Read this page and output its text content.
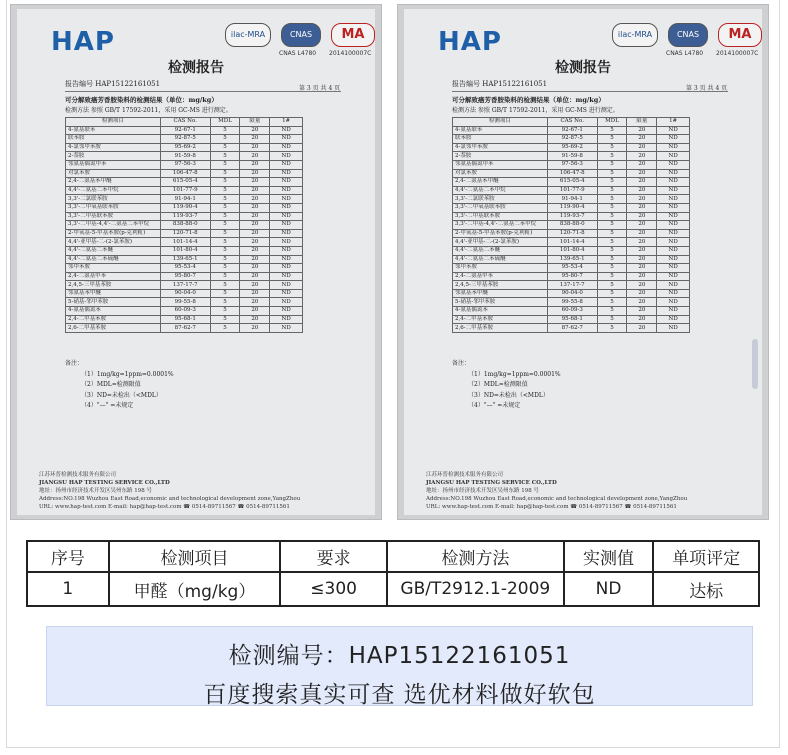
HAP	ilac-MRA	CNAS	MA
CNAS L4780 2014100007C
检测报告
报告编号 HAP15122161051
第 3 页 共 4 页
可分解致癌芳香胺染料的检测结果（单位：mg/kg）
检测方法 参照 GB/T 17592-2011，采用 GC-MS 进行测定。
检测项目	CAS No.	MDL	限量	1#
4-氨基联苯	92-67-1	5	20	ND
联苯胺	92-87-5	5	20	ND
4-氯邻甲苯胺	95-69-2	5	20	ND
2-萘胺	91-59-8	5	20	ND
邻氨基偶氮甲苯	97-56-3	5	20	ND
对氯苯胺	106-47-8	5	20	ND
2,4-二氨基苯甲醚	615-05-4	5	20	ND
4,4'-二氨基二苯甲烷	101-77-9	5	20	ND
3,3'-二氯联苯胺	91-94-1	5	20	ND
3,3'-二甲氧基联苯胺	119-90-4	5	20	ND
3,3'-二甲基联苯胺	119-93-7	5	20	ND
3,3'-二甲基-4,4'-二氨基二苯甲烷	838-88-0	5	20	ND
2-甲氧基-5-甲基苯胺(p-克利酊)	120-71-8	5	20	ND
4,4'-亚甲基-二-(2-氯苯胺)	101-14-4	5	20	ND
4,4'-二氨基二苯醚	101-80-4	5	20	ND
4,4'-二氨基二苯硫醚	139-65-1	5	20	ND
邻甲苯胺	95-53-4	5	20	ND
2,4-二氨基甲苯	95-80-7	5	20	ND
2,4,5-三甲基苯胺	137-17-7	5	20	ND
邻氨基苯甲醚	90-04-0	5	20	ND
5-硝基-邻甲苯胺	99-55-8	5	20	ND
4-氨基偶氮苯	60-09-3	5	20	ND
2,4-二甲基苯胺	95-68-1	5	20	ND
2,6-二甲基苯胺	87-62-7	5	20	ND
备注：
（1）1mg/kg=1ppm=0.0001%
（2）MDL=检测限值
（3）ND=未检出（<MDL）
（4）"—" =未规定
江苏环普检测技术服务有限公司
JIANGSU HAP TESTING SERVICE CO.,LTD
地址：扬州市经济技术开发区吴州东路 198 号
Address:NO.198 Wuzhou East Road,economic and technological development zone,YangZhou
URL: www.hap-test.com E-mail: hap@hap-test.com ☎ 0514-89711567 ☎ 0514-89711561
HAP	ilac-MRA	CNAS	MA
CNAS L4780 2014100007C
检测报告
报告编号 HAP15122161051
第 3 页 共 4 页
可分解致癌芳香胺染料的检测结果（单位：mg/kg）
检测方法 参照 GB/T 17592-2011，采用 GC-MS 进行测定。
检测项目	CAS No.	MDL	限量	1#
4-氨基联苯	92-67-1	5	20	ND
联苯胺	92-87-5	5	20	ND
4-氯邻甲苯胺	95-69-2	5	20	ND
2-萘胺	91-59-8	5	20	ND
邻氨基偶氮甲苯	97-56-3	5	20	ND
对氯苯胺	106-47-8	5	20	ND
2,4-二氨基苯甲醚	615-05-4	5	20	ND
4,4'-二氨基二苯甲烷	101-77-9	5	20	ND
3,3'-二氯联苯胺	91-94-1	5	20	ND
3,3'-二甲氧基联苯胺	119-90-4	5	20	ND
3,3'-二甲基联苯胺	119-93-7	5	20	ND
3,3'-二甲基-4,4'-二氨基二苯甲烷	838-88-0	5	20	ND
2-甲氧基-5-甲基苯胺(p-克利酊)	120-71-8	5	20	ND
4,4'-亚甲基-二-(2-氯苯胺)	101-14-4	5	20	ND
4,4'-二氨基二苯醚	101-80-4	5	20	ND
4,4'-二氨基二苯硫醚	139-65-1	5	20	ND
邻甲苯胺	95-53-4	5	20	ND
2,4-二氨基甲苯	95-80-7	5	20	ND
2,4,5-三甲基苯胺	137-17-7	5	20	ND
邻氨基苯甲醚	90-04-0	5	20	ND
5-硝基-邻甲苯胺	99-55-8	5	20	ND
4-氨基偶氮苯	60-09-3	5	20	ND
2,4-二甲基苯胺	95-68-1	5	20	ND
2,6-二甲基苯胺	87-62-7	5	20	ND
备注：
（1）1mg/kg=1ppm=0.0001%
（2）MDL=检测限值
（3）ND=未检出（<MDL）
（4）"—" =未规定
江苏环普检测技术服务有限公司
JIANGSU HAP TESTING SERVICE CO.,LTD
地址：扬州市经济技术开发区吴州东路 198 号
Address:NO.198 Wuzhou East Road,economic and technological development zone,YangZhou
URL: www.hap-test.com E-mail: hap@hap-test.com ☎ 0514-89711567 ☎ 0514-89711561
序号	检测项目	要求	检测方法	实测值	单项评定
1	甲醛（mg/kg）	≤300	GB/T2912.1-2009	ND	达标
检测编号：HAP15122161051
百度搜索真实可查 选优材料做好软包
